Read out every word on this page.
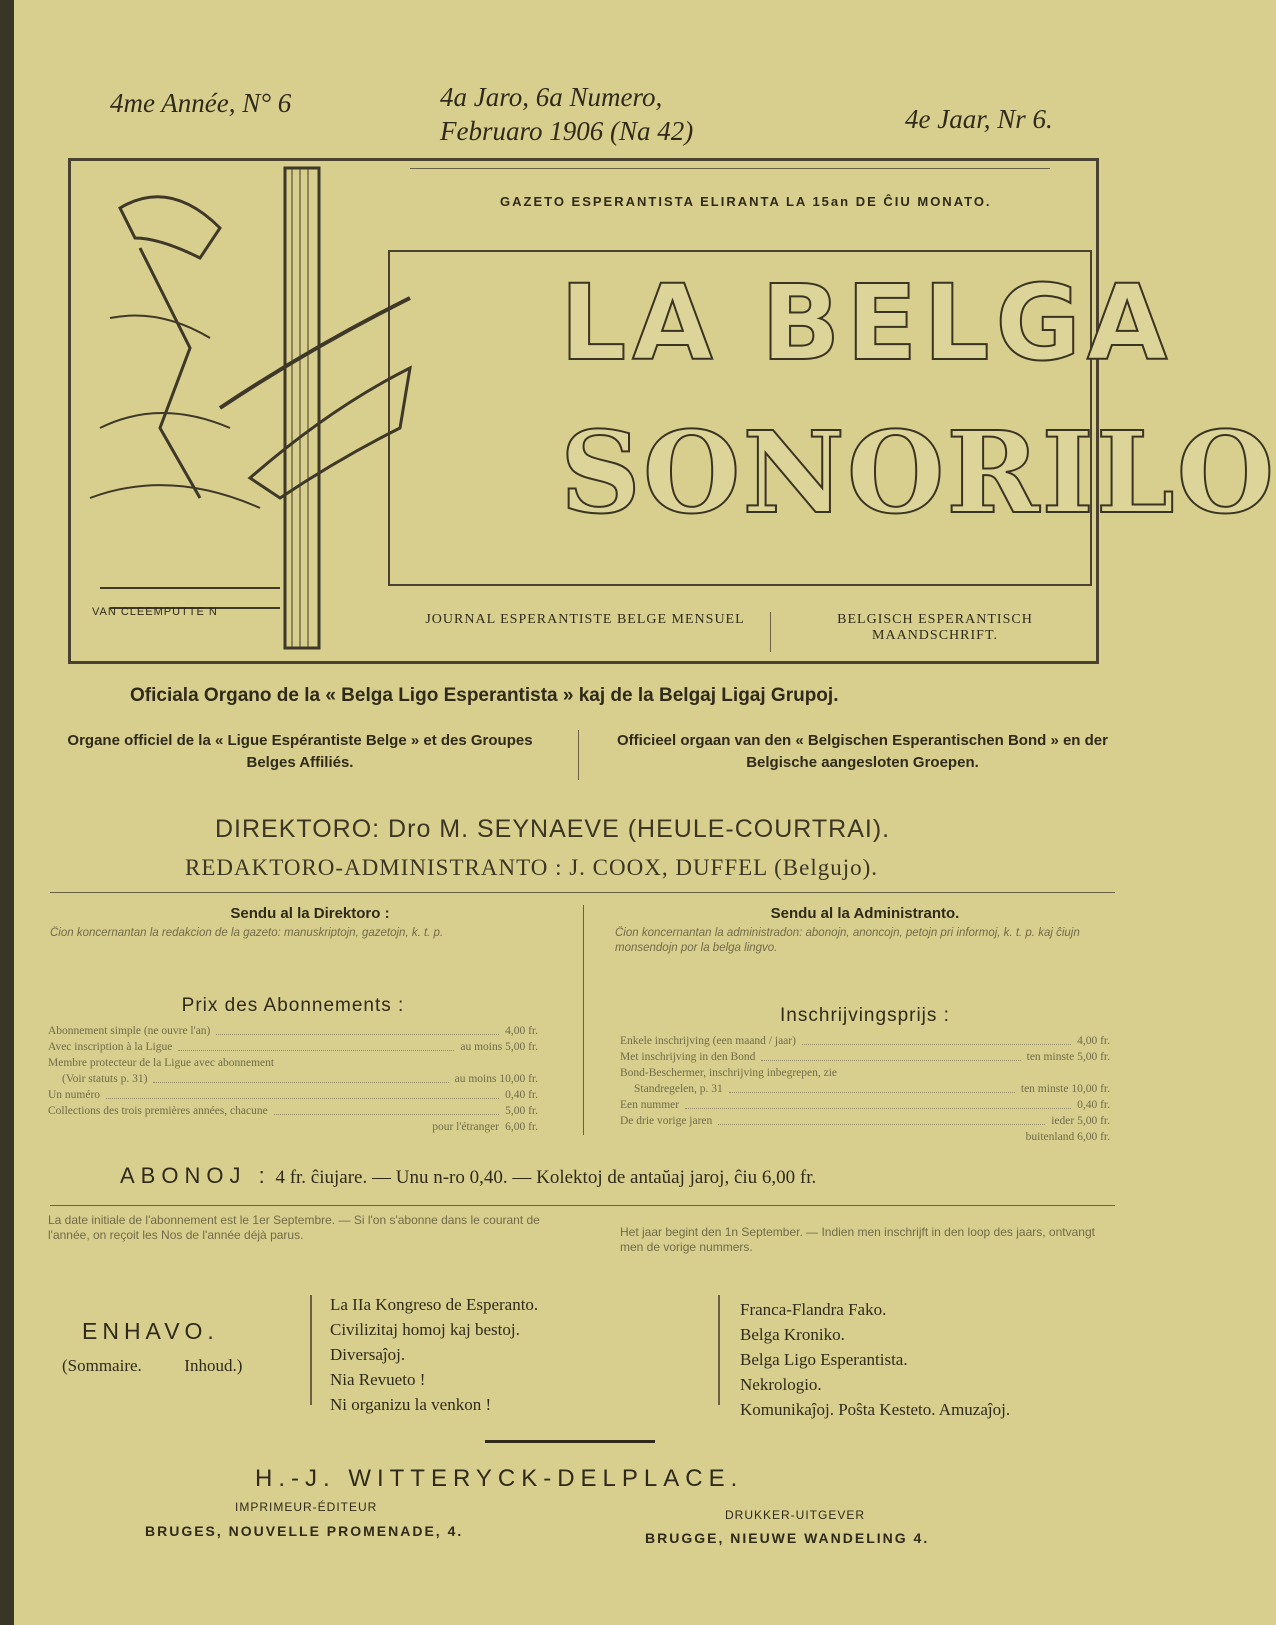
4me Année, N° 6	4a Jaro, 6a Numero,
Februaro 1906 (Na 42)	4e Jaar, Nr 6.
GAZETO ESPERANTISTA ELIRANTA LA 15an DE ĈIU MONATO.
VAN CLEEMPUTTE N
LA BELGA
SONORILO
JOURNAL ESPERANTISTE BELGE MENSUEL	BELGISCH ESPERANTISCH MAANDSCHRIFT.
Oficiala Organo de la « Belga Ligo Esperantista » kaj de la Belgaj Ligaj Grupoj.
Organe officiel de la « Ligue Espérantiste Belge » et des Groupes Belges Affiliés.
Officieel orgaan van den « Belgischen Esperantischen Bond » en der Belgische aangesloten Groepen.
DIREKTORO: Dro M. SEYNAEVE (HEULE-COURTRAI).
REDAKTORO-ADMINISTRANTO : J. COOX, DUFFEL (Belgujo).
Sendu al la Direktoro :
Ĉion koncernantan la redakcion de la gazeto: manuskriptojn, gazetojn, k. t. p.
Sendu al la Administranto.
Ĉion koncernantan la administradon: abonojn, anoncojn, petojn pri informoj, k. t. p. kaj ĉiujn monsendojn por la belga lingvo.
Prix des Abonnements :
Abonnement simple (ne ouvre l'an)	4,00 fr.
Avec inscription à la Ligue	au moins 5,00 fr.
Membre protecteur de la Ligue avec abonnement
(Voir statuts p. 31)	au moins 10,00 fr.
Un numéro	0,40 fr.
Collections des trois premières années, chacune	5,00 fr.
pour l'étranger 6,00 fr.
Inschrijvingsprijs :
Enkele inschrijving (een maand / jaar)	4,00 fr.
Met inschrijving in den Bond	ten minste 5,00 fr.
Bond-Beschermer, inschrijving inbegrepen, zie
Standregelen, p. 31	ten minste 10,00 fr.
Een nummer	0,40 fr.
De drie vorige jaren	ieder 5,00 fr.
buitenland 6,00 fr.
ABONOJ : 4 fr. ĉiujare. — Unu n-ro 0,40. — Kolektoj de antaŭaj jaroj, ĉiu 6,00 fr.
La date initiale de l'abonnement est le 1er Septembre. — Si l'on s'abonne dans le courant de l'année, on reçoit les Nos de l'année déjà parus.	Het jaar begint den 1n September. — Indien men inschrijft in den loop des jaars, ontvangt men de vorige nummers.
ENHAVO.
(Sommaire.	Inhoud.)
La IIa Kongreso de Esperanto.
Civilizitaj homoj kaj bestoj.
Diversaĵoj.
Nia Revueto !
Ni organizu la venkon !
Franca-Flandra Fako.
Belga Kroniko.
Belga Ligo Esperantista.
Nekrologio.
Komunikaĵoj. Poŝta Kesteto. Amuzaĵoj.
H.-J. WITTERYCK-DELPLACE.
IMPRIMEUR-ÉDITEUR
DRUKKER-UITGEVER
BRUGES, NOUVELLE PROMENADE, 4.	BRUGGE, NIEUWE WANDELING 4.
